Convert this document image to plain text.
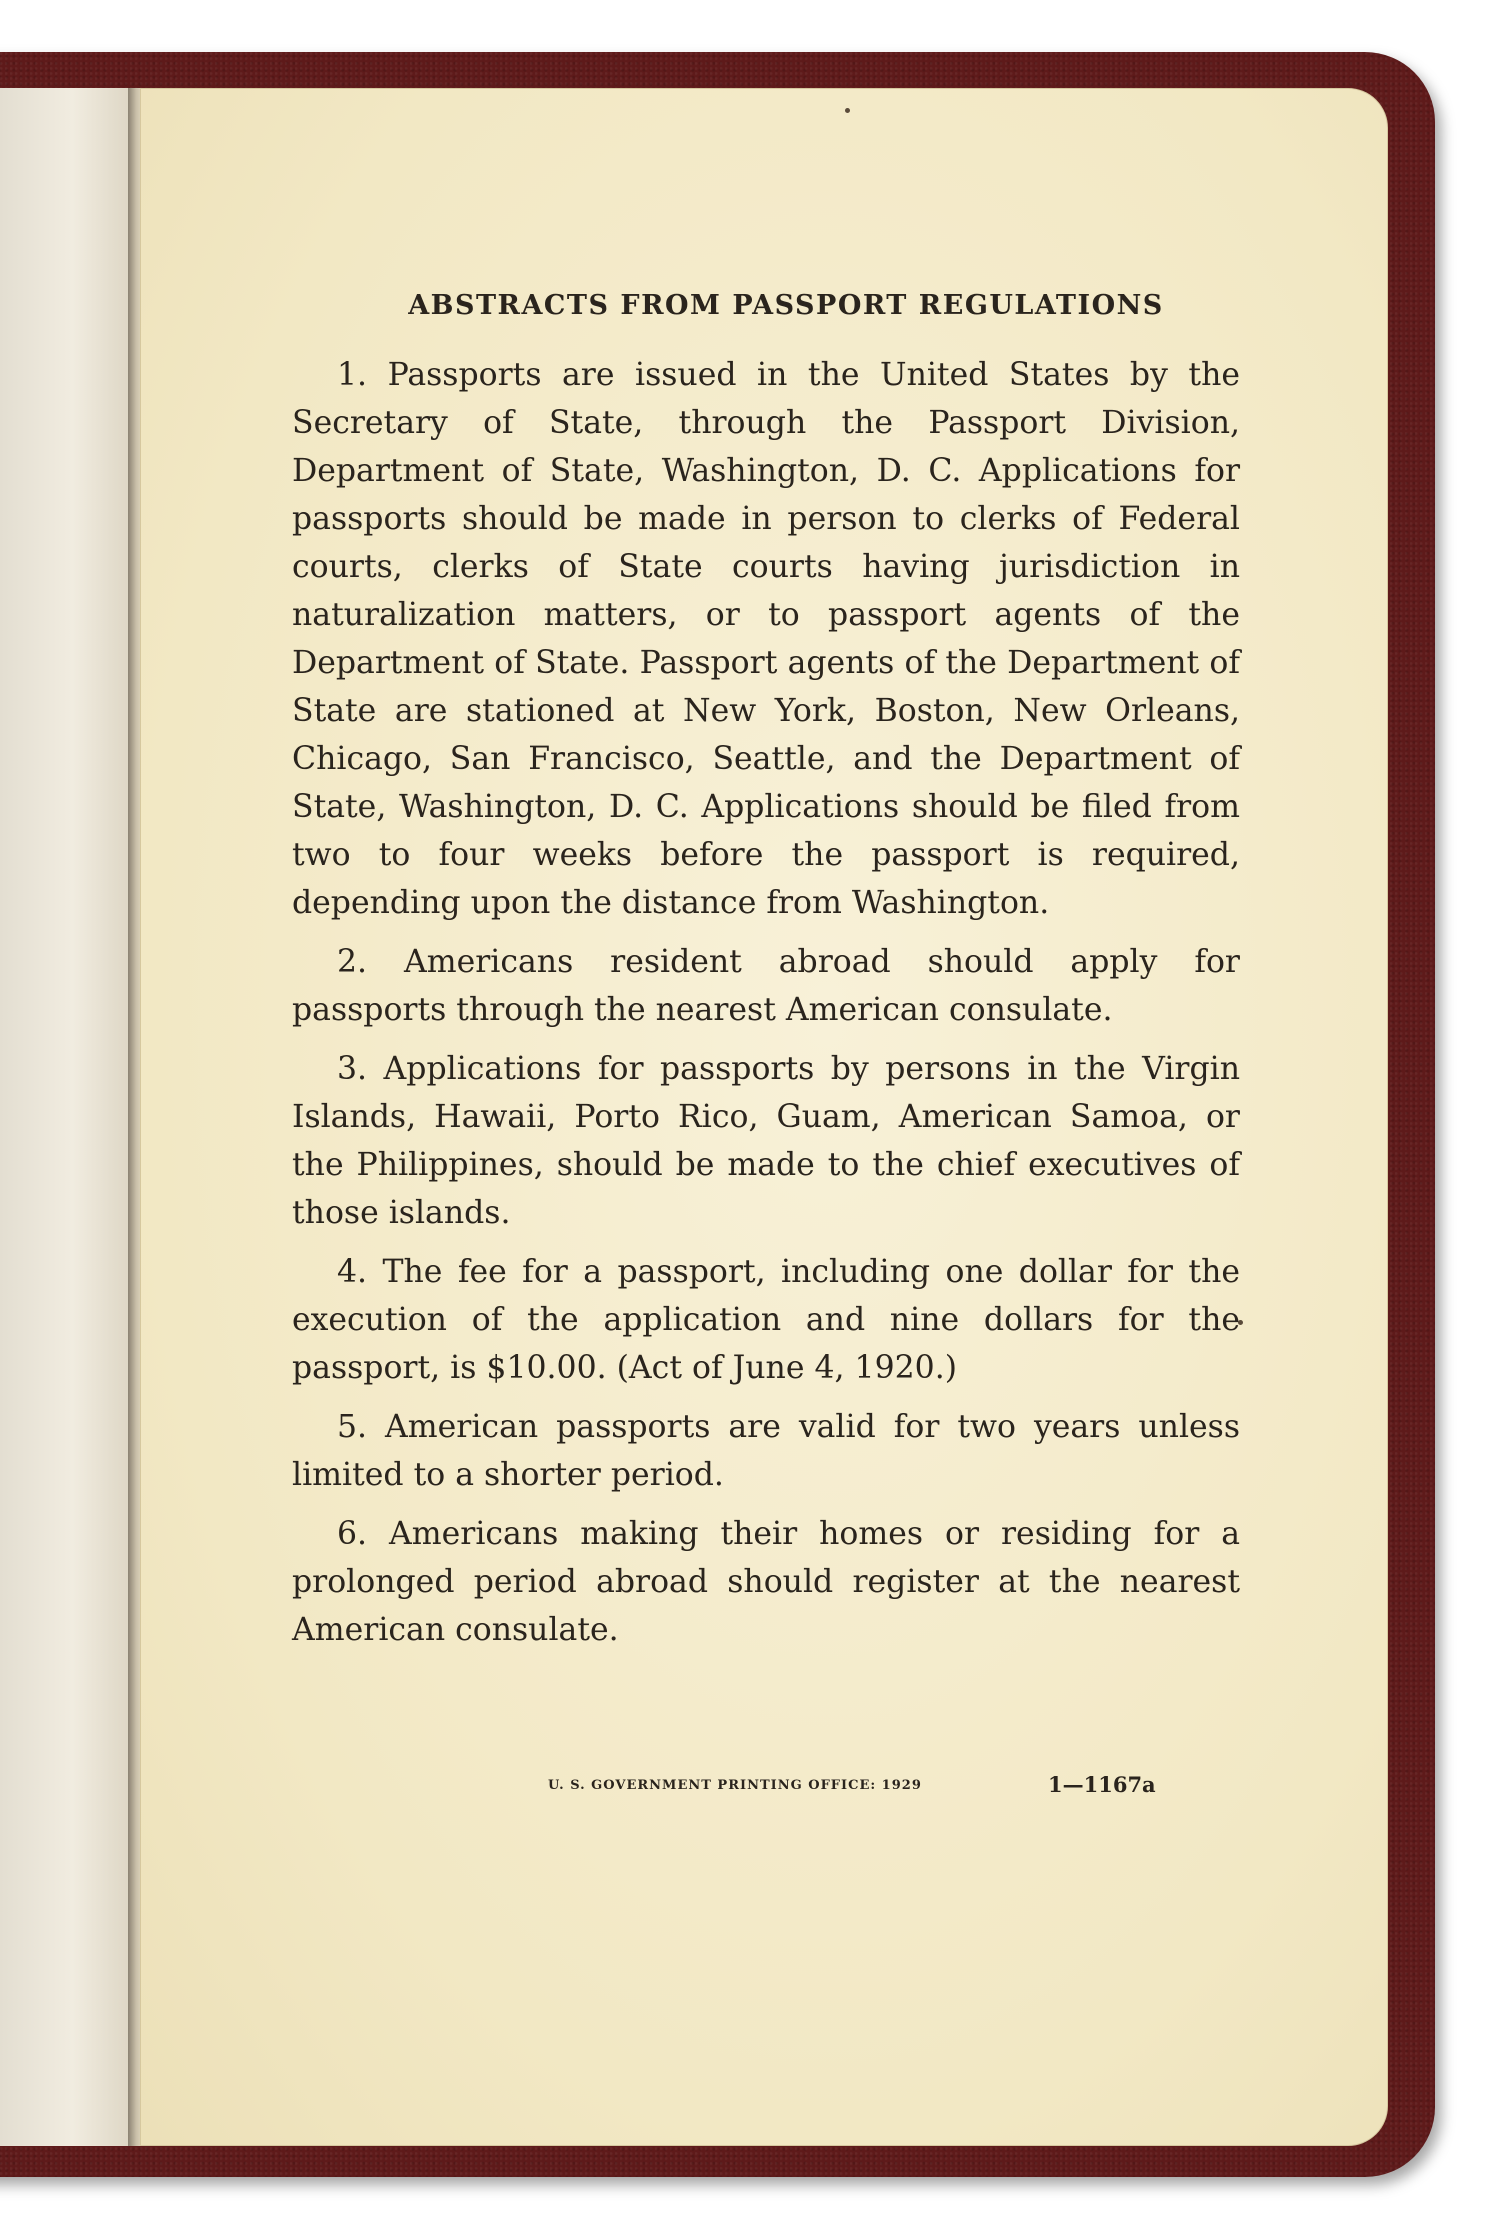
ABSTRACTS FROM PASSPORT REGULATIONS

1. Passports are issued in the United States by the Secretary of State, through the Passport Division, Department of State, Washington, D. C. Applications for passports should be made in person to clerks of Federal courts, clerks of State courts having jurisdiction in naturalization matters, or to passport agents of the Department of State. Passport agents of the Department of State are stationed at New York, Boston, New Orleans, Chicago, San Francisco, Seattle, and the Department of State, Washington, D. C. Applications should be filed from two to four weeks before the passport is required, depending upon the distance from Washington.

2. Americans resident abroad should apply for passports through the nearest American consulate.

3. Applications for passports by persons in the Virgin Islands, Hawaii, Porto Rico, Guam, American Samoa, or the Philippines, should be made to the chief executives of those islands.

4. The fee for a passport, including one dollar for the execution of the application and nine dollars for the passport, is $10.00. (Act of June 4, 1920.)

5. American passports are valid for two years unless limited to a shorter period.

6. Americans making their homes or residing for a prolonged period abroad should register at the nearest American consulate.

U. S. GOVERNMENT PRINTING OFFICE: 1929	1—1167a
